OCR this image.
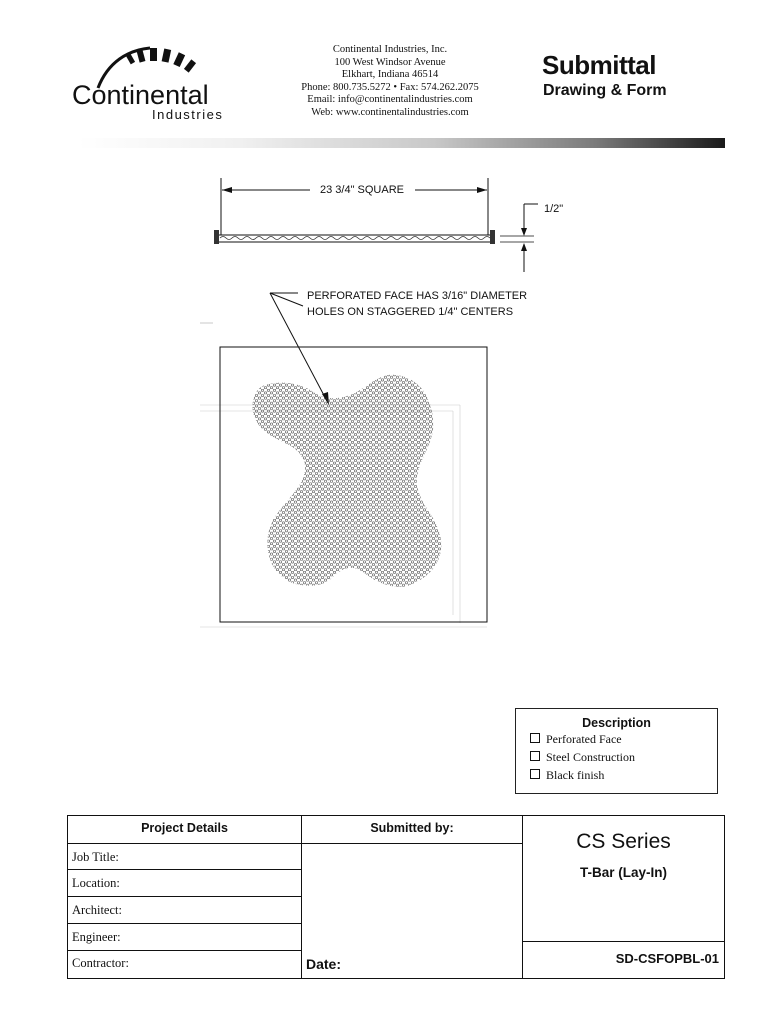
Continental
Industries
Continental Industries, Inc.
100 West Windsor Avenue
Elkhart, Indiana 46514
Phone: 800.735.5272 • Fax: 574.262.2075
Email: info@continentalindustries.com
Web: www.continentalindustries.com
Submittal
Drawing & Form
23 3/4" SQUARE
1/2"
PERFORATED FACE HAS 3/16" DIAMETER
HOLES ON STAGGERED 1/4" CENTERS
Description
Perforated Face
Steel Construction
Black finish
Project Details	Submitted by:
Job Title:
Location:
Architect:
Engineer:
Contractor:	Date:
CS Series
T-Bar (Lay-In)
SD-CSFOPBL-01
